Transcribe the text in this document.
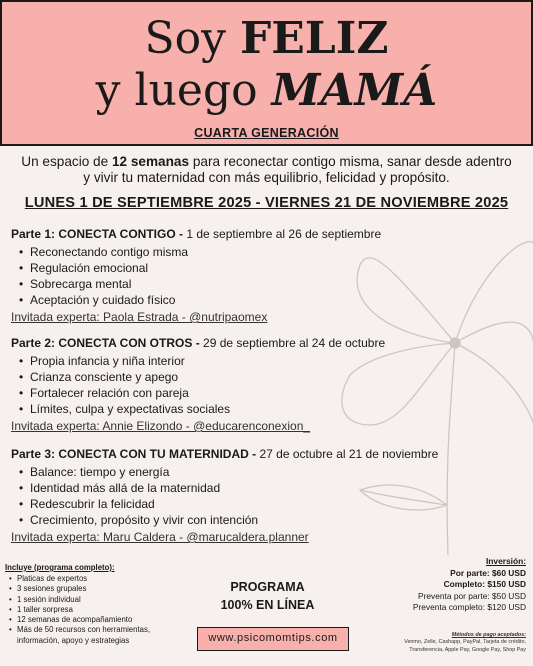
Soy FELIZ
y luego MAMÁ
CUARTA GENERACIÓN
Un espacio de 12 semanas para reconectar contigo misma, sanar desde adentro
y vivir tu maternidad con más equilibrio, felicidad y propósito.
LUNES 1 DE SEPTIEMBRE 2025 - VIERNES 21 DE NOVIEMBRE 2025
Parte 1: CONECTA CONTIGO - 1 de septiembre al 26 de septiembre
• Reconectando contigo misma
• Regulación emocional
• Sobrecarga mental
• Aceptación y cuidado físico
Invitada experta: Paola Estrada - @nutripaomex
Parte 2: CONECTA CON OTROS - 29 de septiembre al 24 de octubre
• Propia infancia y niña interior
• Crianza consciente y apego
• Fortalecer relación con pareja
• Límites, culpa y expectativas sociales
Invitada experta: Annie Elizondo - @educarenconexion_
Parte 3: CONECTA CON TU MATERNIDAD - 27 de octubre al 21 de noviembre
• Balance: tiempo y energía
• Identidad más allá de la maternidad
• Redescubrir la felicidad
• Crecimiento, propósito y vivir con intención
Invitada experta: Maru Caldera - @marucaldera.planner
Incluye (programa completo):
• Platicas de expertos
• 3 sesiones grupales
• 1 sesión individual
• 1 taller sorpresa
• 12 semanas de acompañamiento
• Más de 50 recursos con herramientas, información, apoyo y estrategias
PROGRAMA
100% EN LÍNEA
www.psicomomtips.com
Inversión:
Por parte: $60 USD
Completo: $150 USD
Preventa por parte: $50 USD
Preventa completo: $120 USD
Métodos de pago aceptados:
Venmo, Zelle, Cashapp, PayPal, Tarjeta de crédito,
Transferencia, Apple Pay, Google Pay, Shop Pay
